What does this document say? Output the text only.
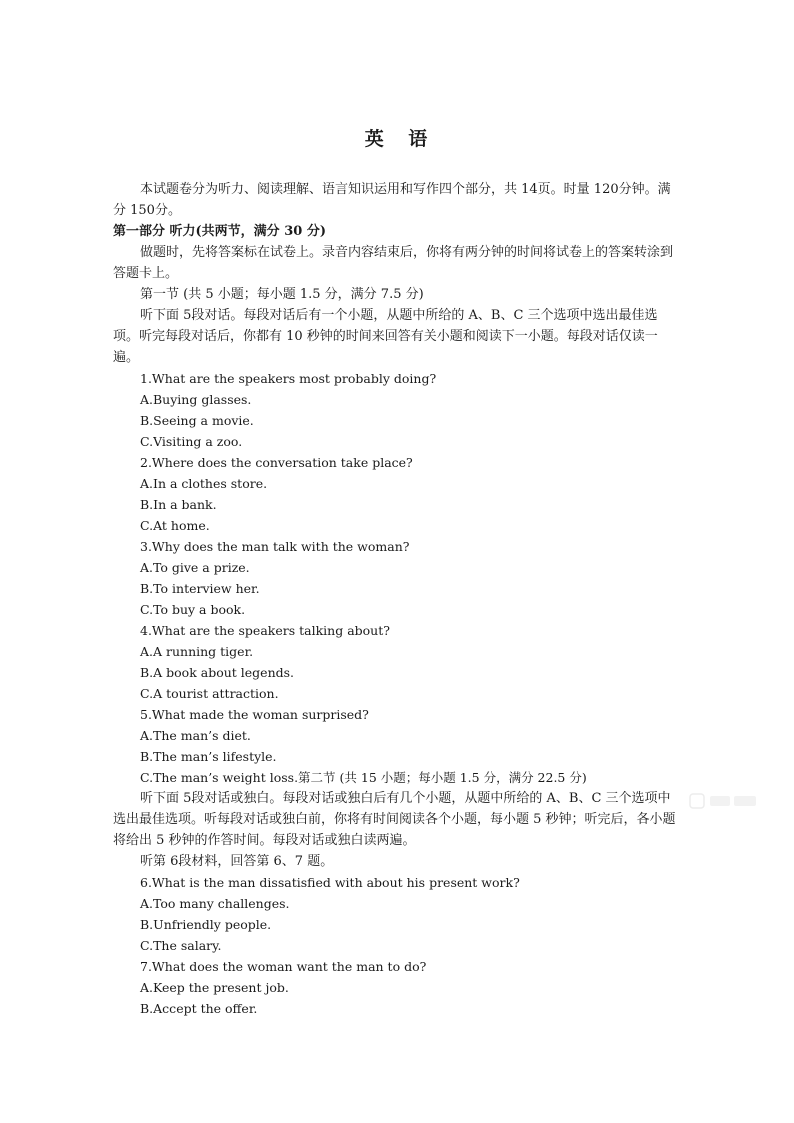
英 语

本试题卷分为听力、阅读理解、语言知识运用和写作四个部分，共 14页。时量 120分钟。满分 150分。

第一部分 听力(共两节，满分 30 分)

做题时，先将答案标在试卷上。录音内容结束后，你将有两分钟的时间将试卷上的答案转涂到答题卡上。

第一节 (共 5 小题；每小题 1.5 分，满分 7.5 分)

听下面 5段对话。每段对话后有一个小题，从题中所给的 A、B、C 三个选项中选出最佳选项。听完每段对话后，你都有 10 秒钟的时间来回答有关小题和阅读下一小题。每段对话仅读一遍。

1.What are the speakers most probably doing?

A.Buying glasses.

B.Seeing a movie.

C.Visiting a zoo.

2.Where does the conversation take place?

A.In a clothes store.

B.In a bank.

C.At home.

3.Why does the man talk with the woman?

A.To give a prize.

B.To interview her.

C.To buy a book.

4.What are the speakers talking about?

A.A running tiger.

B.A book about legends.

C.A tourist attraction.

5.What made the woman surprised?

A.The man’s diet.

B.The man’s lifestyle.

C.The man’s weight loss.第二节 (共 15 小题；每小题 1.5 分，满分 22.5 分)

听下面 5段对话或独白。每段对话或独白后有几个小题，从题中所给的 A、B、C 三个选项中选出最佳选项。听每段对话或独白前，你将有时间阅读各个小题，每小题 5 秒钟；听完后，各小题将给出 5 秒钟的作答时间。每段对话或独白读两遍。

听第 6段材料，回答第 6、7 题。

6.What is the man dissatisfied with about his present work?

A.Too many challenges.

B.Unfriendly people.

C.The salary.

7.What does the woman want the man to do?

A.Keep the present job.

B.Accept the offer.
